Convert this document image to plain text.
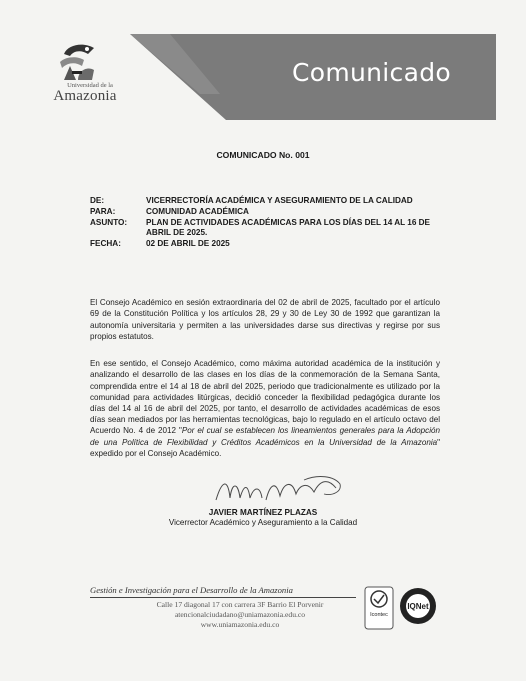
Universidad de la
Amazonia
Comunicado
COMUNICADO No. 001
DE:	VICERRECTORÍA ACADÉMICA Y ASEGURAMIENTO DE LA CALIDAD
PARA:	COMUNIDAD ACADÉMICA
ASUNTO:	PLAN DE ACTIVIDADES ACADÉMICAS PARA LOS DÍAS DEL 14 AL 16 DE ABRIL DE 2025.
FECHA:	02 DE ABRIL DE 2025

El Consejo Académico en sesión extraordinaria del 02 de abril de 2025, facultado por el artículo 69 de la Constitución Política y los artículos 28, 29 y 30 de Ley 30 de 1992 que garantizan la autonomía universitaria y permiten a las universidades darse sus directivas y regirse por sus propios estatutos.

En ese sentido, el Consejo Académico, como máxima autoridad académica de la institución y analizando el desarrollo de las clases en los días de la conmemoración de la Semana Santa, comprendida entre el 14 al 18 de abril del 2025, periodo que tradicionalmente es utilizado por la comunidad para actividades litúrgicas, decidió conceder la flexibilidad pedagógica durante los días del 14 al 16 de abril del 2025, por tanto, el desarrollo de actividades académicas de esos días sean mediados por las herramientas tecnológicas, bajo lo regulado en el artículo octavo del Acuerdo No. 4 de 2012 "Por el cual se establecen los lineamientos generales para la Adopción de una Política de Flexibilidad y Créditos Académicos en la Universidad de la Amazonia" expedido por el Consejo Académico.

JAVIER MARTÍNEZ PLAZAS
Vicerrector Académico y Aseguramiento a la Calidad
Gestión e Investigación para el Desarrollo de la Amazonia
Calle 17 diagonal 17 con carrera 3F Barrio El Porvenir
atencionalciudadano@uniamazonia.edu.co
www.uniamazonia.edu.co
Icontec
IQNet
